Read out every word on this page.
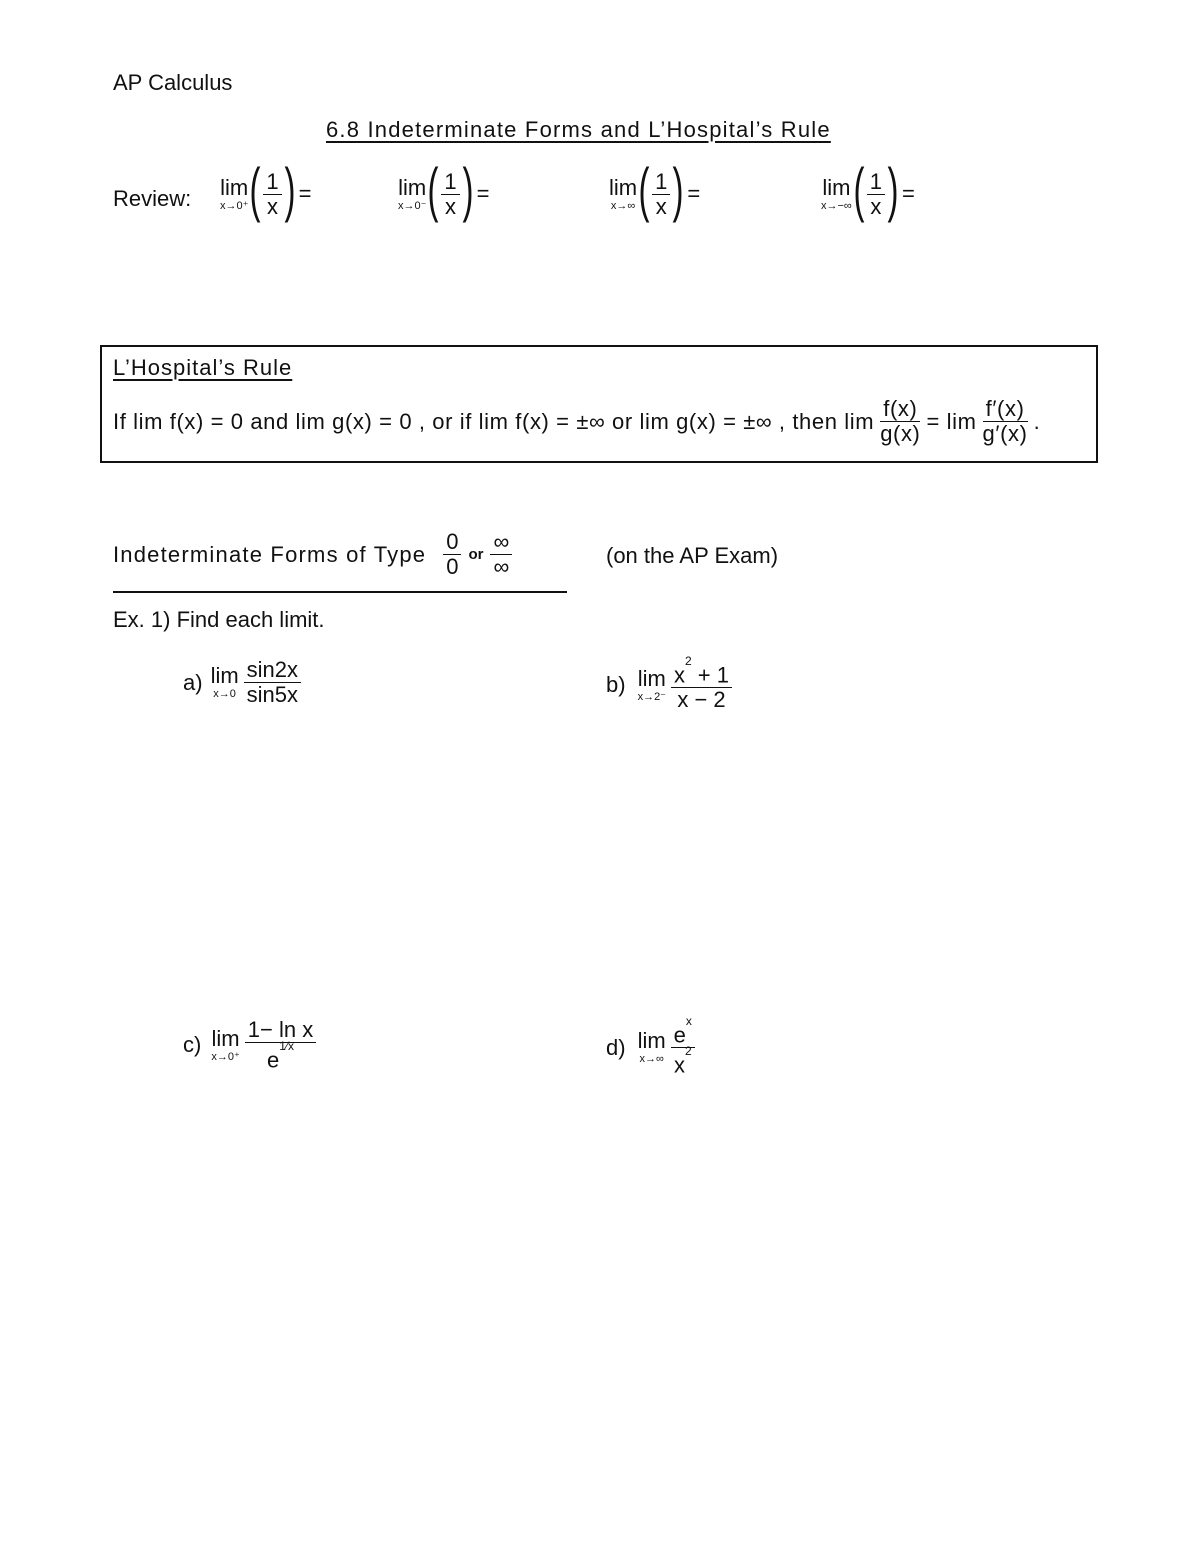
AP Calculus
6.8 Indeterminate Forms and L’Hospital’s Rule
Review: lim
x→0⁺ ( $\frac{1}{x}$ ) =	lim
x→0⁻ ( $\frac{1}{x}$ ) =	lim
x→∞ ( $\frac{1}{x}$ ) =	lim
x→−∞ ( $\frac{1}{x}$ ) =
L’Hospital’s Rule
If lim f(x) = 0 and lim g(x) = 0 , or if lim f(x) = ±∞ or lim g(x) = ±∞ , then $\lim \frac{f(x)}{g(x)} = \lim \frac{f'(x)}{g'(x)}$ .
Indeterminate Forms of Type $\frac{0}{0}$ or $\frac{\infty}{\infty}$	(on the AP Exam)
Ex. 1) Find each limit.
a) lim
$x\to 0 \frac{\sin 2x}{\sin 5x}$	b) lim
$x\to 2^- \frac{x^2 + 1}{x - 2}$
c) lim
$x\to 0^+ \frac{\text{1− ln x}}{e^{1⁄x}}$	d) lim
$x\to\infty \frac{e^x}{x^2}$
